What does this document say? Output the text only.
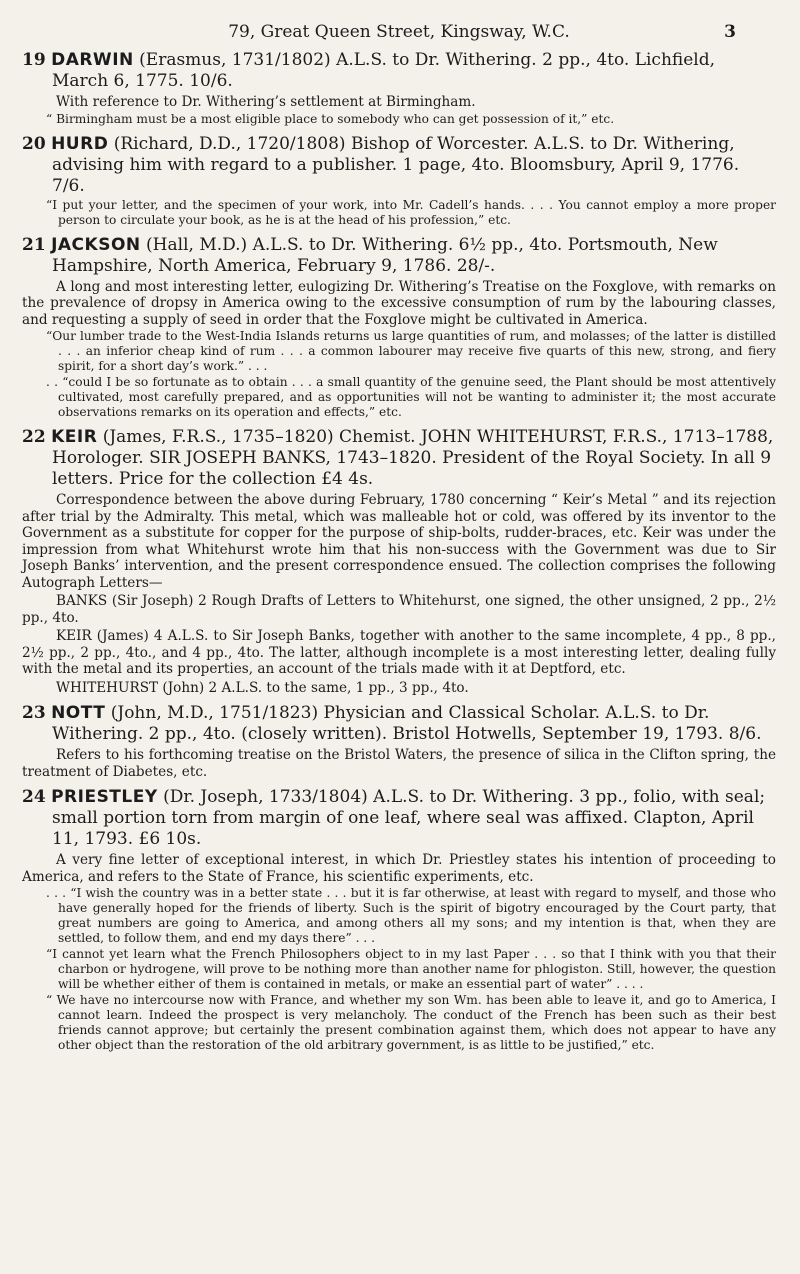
79, Great Queen Street, Kingsway, W.C.	3

19 DARWIN (Erasmus, 1731/1802) A.L.S. to Dr. Withering. 2 pp., 4to. Lichfield, March 6, 1775. 10/6.

With reference to Dr. Withering’s settlement at Birmingham.

“ Birmingham must be a most eligible place to somebody who can get possession of it,” etc.

20 HURD (Richard, D.D., 1720/1808) Bishop of Worcester. A.L.S. to Dr. Withering, advising him with regard to a publisher. 1 page, 4to. Bloomsbury, April 9, 1776. 7/6.

“I put your letter, and the specimen of your work, into Mr. Cadell’s hands. . . . You cannot employ a more proper person to circulate your book, as he is at the head of his profession,” etc.

21 JACKSON (Hall, M.D.) A.L.S. to Dr. Withering. 6½ pp., 4to. Portsmouth, New Hampshire, North America, February 9, 1786. 28/-.

A long and most interesting letter, eulogizing Dr. Withering’s Treatise on the Foxglove, with remarks on the prevalence of dropsy in America owing to the excessive consumption of rum by the labouring classes, and requesting a supply of seed in order that the Foxglove might be cultivated in America.

“Our lumber trade to the West-India Islands returns us large quantities of rum, and molasses; of the latter is distilled . . . an inferior cheap kind of rum . . . a common labourer may receive five quarts of this new, strong, and fiery spirit, for a short day’s work.” . . .

. . “could I be so fortunate as to obtain . . . a small quantity of the genuine seed, the Plant should be most attentively cultivated, most carefully prepared, and as opportunities will not be wanting to administer it; the most accurate observations remarks on its operation and effects,” etc.

22 KEIR (James, F.R.S., 1735–1820) Chemist. JOHN WHITEHURST, F.R.S., 1713–1788, Horologer. SIR JOSEPH BANKS, 1743–1820. President of the Royal Society. In all 9 letters. Price for the collection £4 4s.

Correspondence between the above during February, 1780 concerning “ Keir’s Metal ” and its rejection after trial by the Admiralty. This metal, which was malleable hot or cold, was offered by its inventor to the Government as a substitute for copper for the purpose of ship-bolts, rudder-braces, etc. Keir was under the impression from what Whitehurst wrote him that his non-success with the Government was due to Sir Joseph Banks’ intervention, and the present correspondence ensued. The collection comprises the following Autograph Letters—

BANKS (Sir Joseph) 2 Rough Drafts of Letters to Whitehurst, one signed, the other unsigned, 2 pp., 2½ pp., 4to.

KEIR (James) 4 A.L.S. to Sir Joseph Banks, together with another to the same incomplete, 4 pp., 8 pp., 2½ pp., 2 pp., 4to., and 4 pp., 4to. The latter, although incomplete is a most interesting letter, dealing fully with the metal and its properties, an account of the trials made with it at Deptford, etc.

WHITEHURST (John) 2 A.L.S. to the same, 1 pp., 3 pp., 4to.

23 NOTT (John, M.D., 1751/1823) Physician and Classical Scholar. A.L.S. to Dr. Withering. 2 pp., 4to. (closely written). Bristol Hotwells, September 19, 1793. 8/6.

Refers to his forthcoming treatise on the Bristol Waters, the presence of silica in the Clifton spring, the treatment of Diabetes, etc.

24 PRIESTLEY (Dr. Joseph, 1733/1804) A.L.S. to Dr. Withering. 3 pp., folio, with seal; small portion torn from margin of one leaf, where seal was affixed. Clapton, April 11, 1793. £6 10s.

A very fine letter of exceptional interest, in which Dr. Priestley states his intention of proceeding to America, and refers to the State of France, his scientific experiments, etc.

. . . “I wish the country was in a better state . . . but it is far otherwise, at least with regard to myself, and those who have generally hoped for the friends of liberty. Such is the spirit of bigotry encouraged by the Court party, that great numbers are going to America, and among others all my sons; and my intention is that, when they are settled, to follow them, and end my days there” . . .

“I cannot yet learn what the French Philosophers object to in my last Paper . . . so that I think with you that their charbon or hydrogene, will prove to be nothing more than another name for phlogiston. Still, however, the question will be whether either of them is contained in metals, or make an essential part of water” . . . .

“ We have no intercourse now with France, and whether my son Wm. has been able to leave it, and go to America, I cannot learn. Indeed the prospect is very melancholy. The conduct of the French has been such as their best friends cannot approve; but certainly the present combination against them, which does not appear to have any other object than the restoration of the old arbitrary government, is as little to be justified,” etc.
